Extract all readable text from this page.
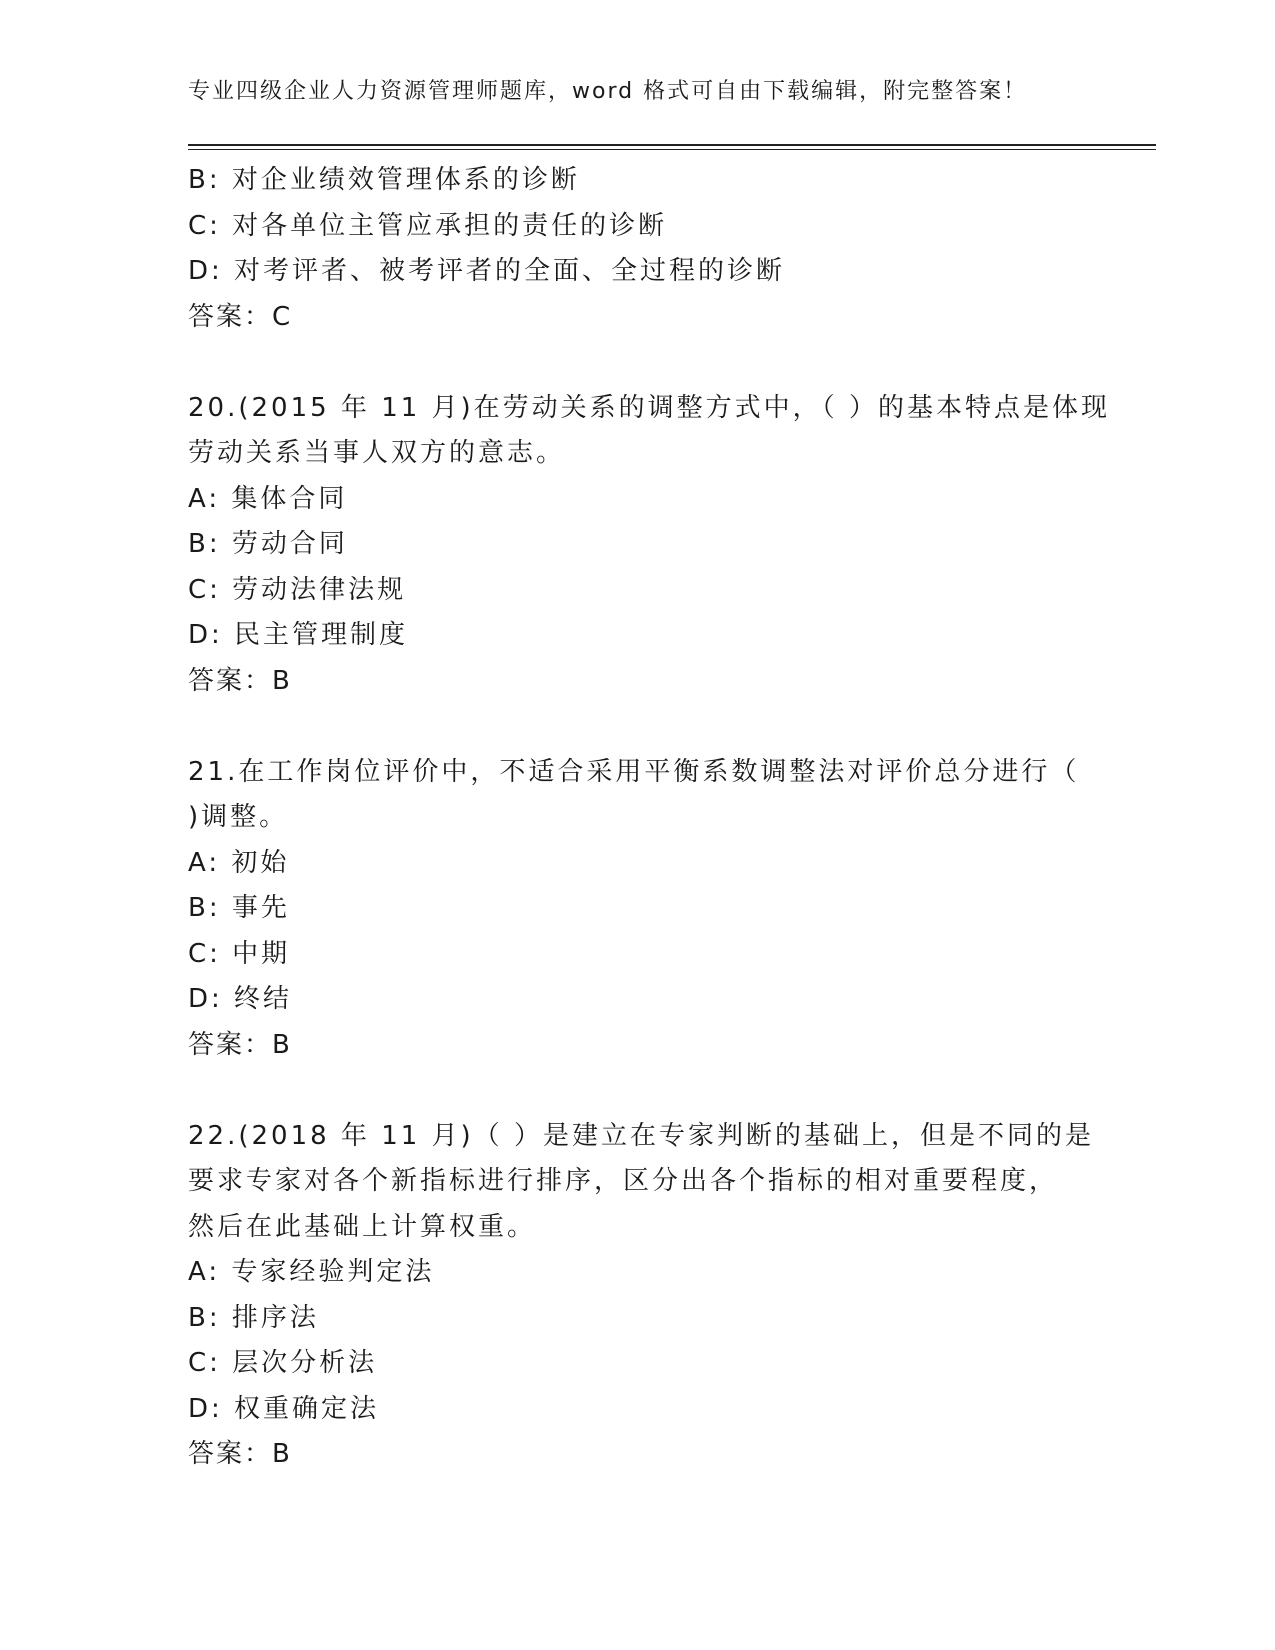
专业四级企业人力资源管理师题库，word 格式可自由下载编辑，附完整答案！
B: 对企业绩效管理体系的诊断
C: 对各单位主管应承担的责任的诊断
D: 对考评者、被考评者的全面、全过程的诊断
答案：C
20.(2015 年 11 月)在劳动关系的调整方式中，（ ）的基本特点是体现
劳动关系当事人双方的意志。
A: 集体合同
B: 劳动合同
C: 劳动法律法规
D: 民主管理制度
答案：B
21.在工作岗位评价中，不适合采用平衡系数调整法对评价总分进行（
)调整。
A: 初始
B: 事先
C: 中期
D: 终结
答案：B
22.(2018 年 11 月)（ ）是建立在专家判断的基础上，但是不同的是
要求专家对各个新指标进行排序，区分出各个指标的相对重要程度，
然后在此基础上计算权重。
A: 专家经验判定法
B: 排序法
C: 层次分析法
D: 权重确定法
答案：B
